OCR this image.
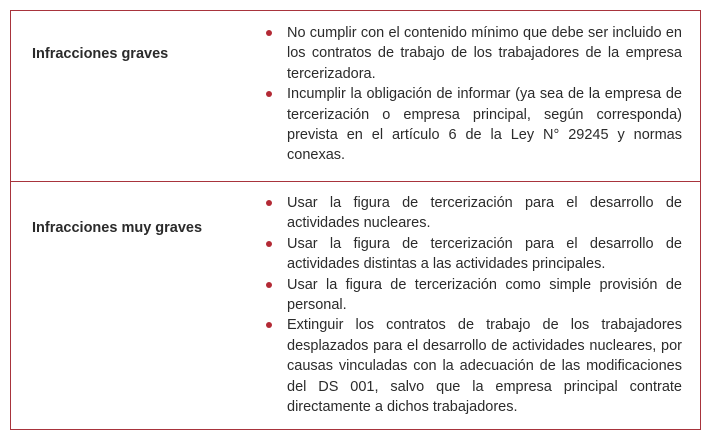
Infracciones graves
No cumplir con el contenido mínimo que debe ser incluido en los contratos de trabajo de los trabajadores de la empresa tercerizadora.
Incumplir la obligación de informar (ya sea de la empresa de tercerización o empresa principal, según corresponda) prevista en el artículo 6 de la Ley N° 29245 y normas conexas.
Infracciones muy graves
Usar la figura de tercerización para el desarrollo de actividades nucleares.
Usar la figura de tercerización para el desarrollo de actividades distintas a las actividades principales.
Usar la figura de tercerización como simple provisión de personal.
Extinguir los contratos de trabajo de los trabajadores desplazados para el desarrollo de actividades nucleares, por causas vinculadas con la adecuación de las modificaciones del DS 001, salvo que la empresa principal contrate directamente a dichos trabajadores.
